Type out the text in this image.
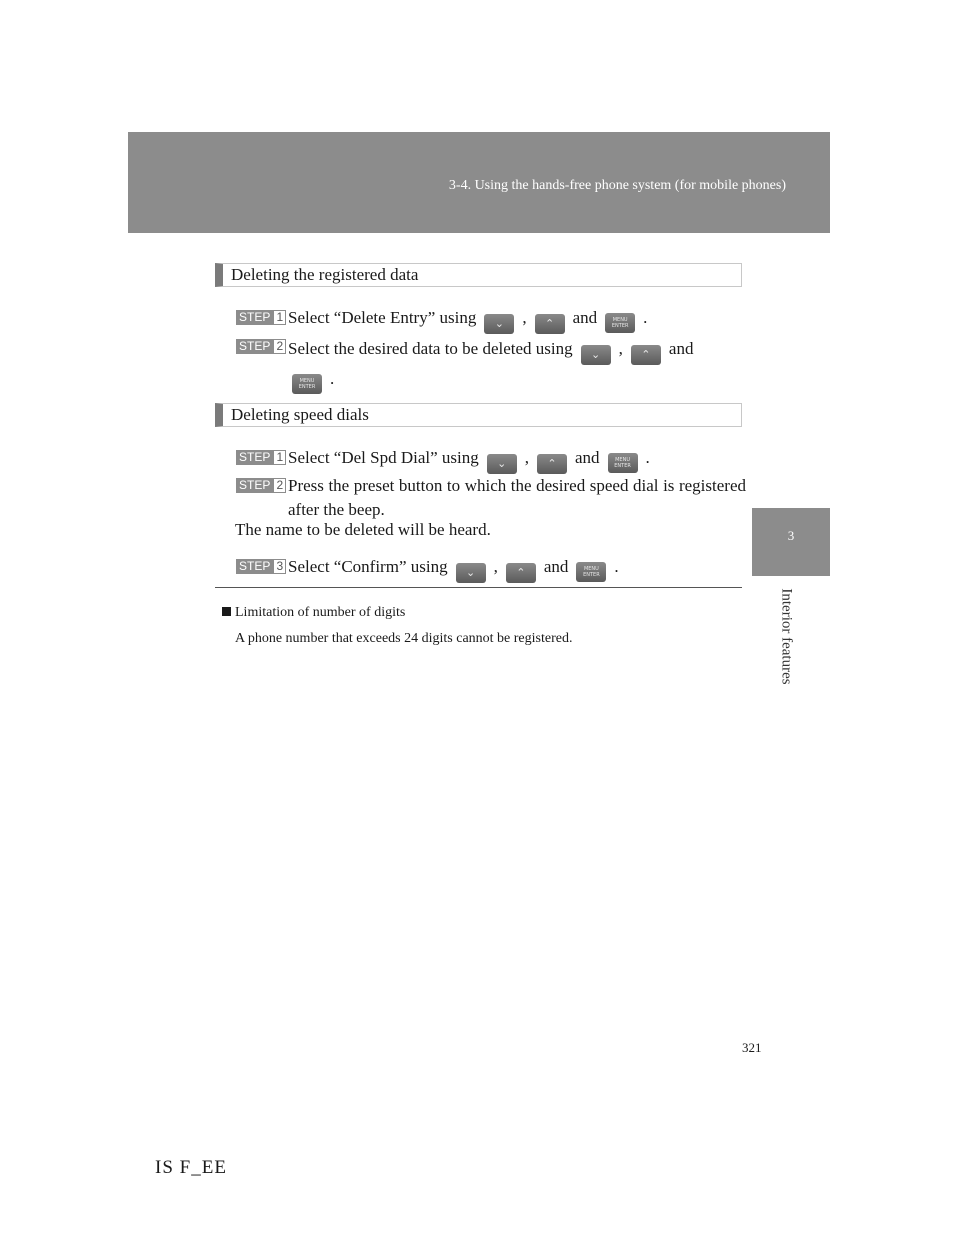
3-4. Using the hands-free phone system (for mobile phones)
3
Interior features
Deleting the registered data
STEP 1 Select “Delete Entry” using ⌄ , ⌃ and	MENU
ENTER .
STEP 2 Select the desired data to be deleted using ⌄ , ⌃ and
MENU
ENTER .
Deleting speed dials
STEP 1 Select “Del Spd Dial” using ⌄ , ⌃ and	MENU
ENTER .
STEP 2 Press the preset button to which the desired speed dial is registered after the beep.
The name to be deleted will be heard.
STEP 3 Select “Confirm” using ⌄ , ⌃ and	MENU
ENTER .
Limitation of number of digits
A phone number that exceeds 24 digits cannot be registered.
321
IS F_EE
